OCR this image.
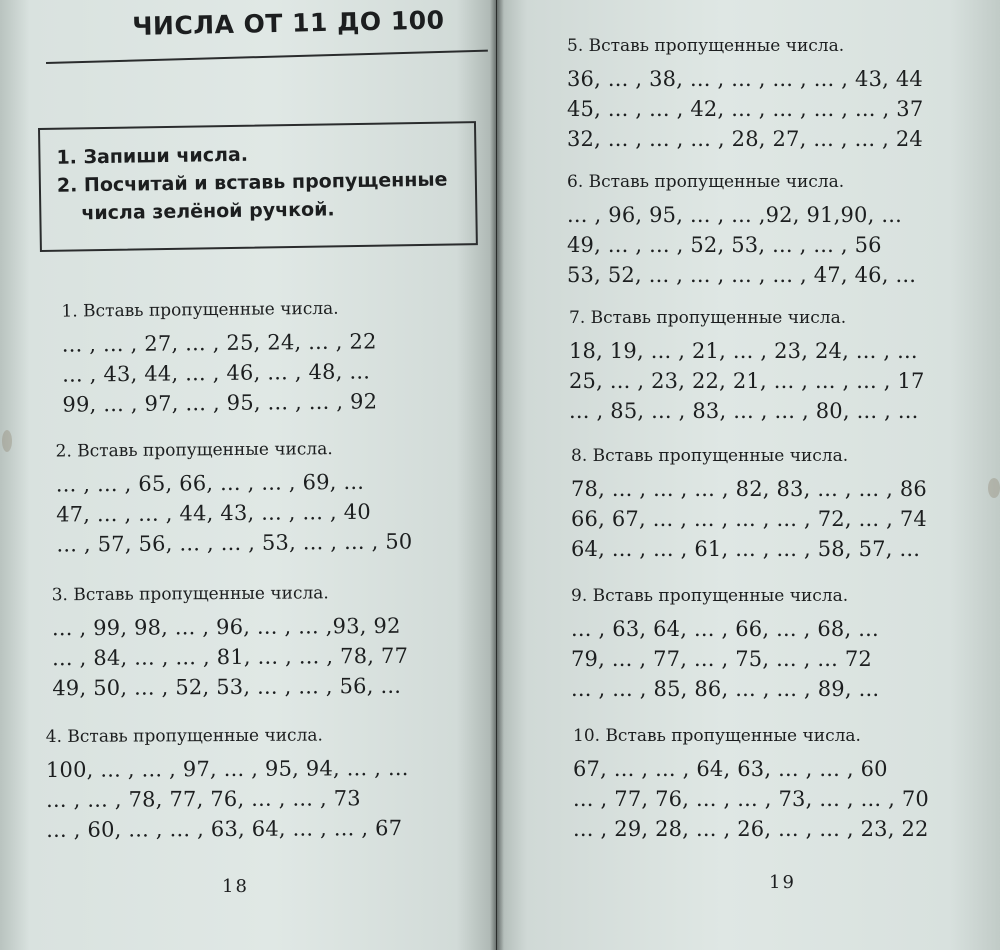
ЧИСЛА ОТ 11 ДО 100
1. Запиши числа.
2. Посчитай и вставь пропущенные
числа зелёной ручкой.
1. Вставь пропущенные числа.
... , ... , 27, ... , 25, 24, ... , 22
... , 43, 44, ... , 46, ... , 48, ...
99, ... , 97, ... , 95, ... , ... , 92
2. Вставь пропущенные числа.
... , ... , 65, 66, ... , ... , 69, ...
47, ... , ... , 44, 43, ... , ... , 40
... , 57, 56, ... , ... , 53, ... , ... , 50
3. Вставь пропущенные числа.
... , 99, 98, ... , 96, ... , ... ,93, 92
... , 84, ... , ... , 81, ... , ... , 78, 77
49, 50, ... , 52, 53, ... , ... , 56, ...
4. Вставь пропущенные числа.
100, ... , ... , 97, ... , 95, 94, ... , ...
... , ... , 78, 77, 76, ... , ... , 73
... , 60, ... , ... , 63, 64, ... , ... , 67
18
5. Вставь пропущенные числа.
36, ... , 38, ... , ... , ... , ... , 43, 44
45, ... , ... , 42, ... , ... , ... , ... , 37
32, ... , ... , ... , 28, 27, ... , ... , 24
6. Вставь пропущенные числа.
... , 96, 95, ... , ... ,92, 91,90, ...
49, ... , ... , 52, 53, ... , ... , 56
53, 52, ... , ... , ... , ... , 47, 46, ...
7. Вставь пропущенные числа.
18, 19, ... , 21, ... , 23, 24, ... , ...
25, ... , 23, 22, 21, ... , ... , ... , 17
... , 85, ... , 83, ... , ... , 80, ... , ...
8. Вставь пропущенные числа.
78, ... , ... , ... , 82, 83, ... , ... , 86
66, 67, ... , ... , ... , ... , 72, ... , 74
64, ... , ... , 61, ... , ... , 58, 57, ...
9. Вставь пропущенные числа.
... , 63, 64, ... , 66, ... , 68, ...
79, ... , 77, ... , 75, ... , ... 72
... , ... , 85, 86, ... , ... , 89, ...
10. Вставь пропущенные числа.
67, ... , ... , 64, 63, ... , ... , 60
... , 77, 76, ... , ... , 73, ... , ... , 70
... , 29, 28, ... , 26, ... , ... , 23, 22
19
